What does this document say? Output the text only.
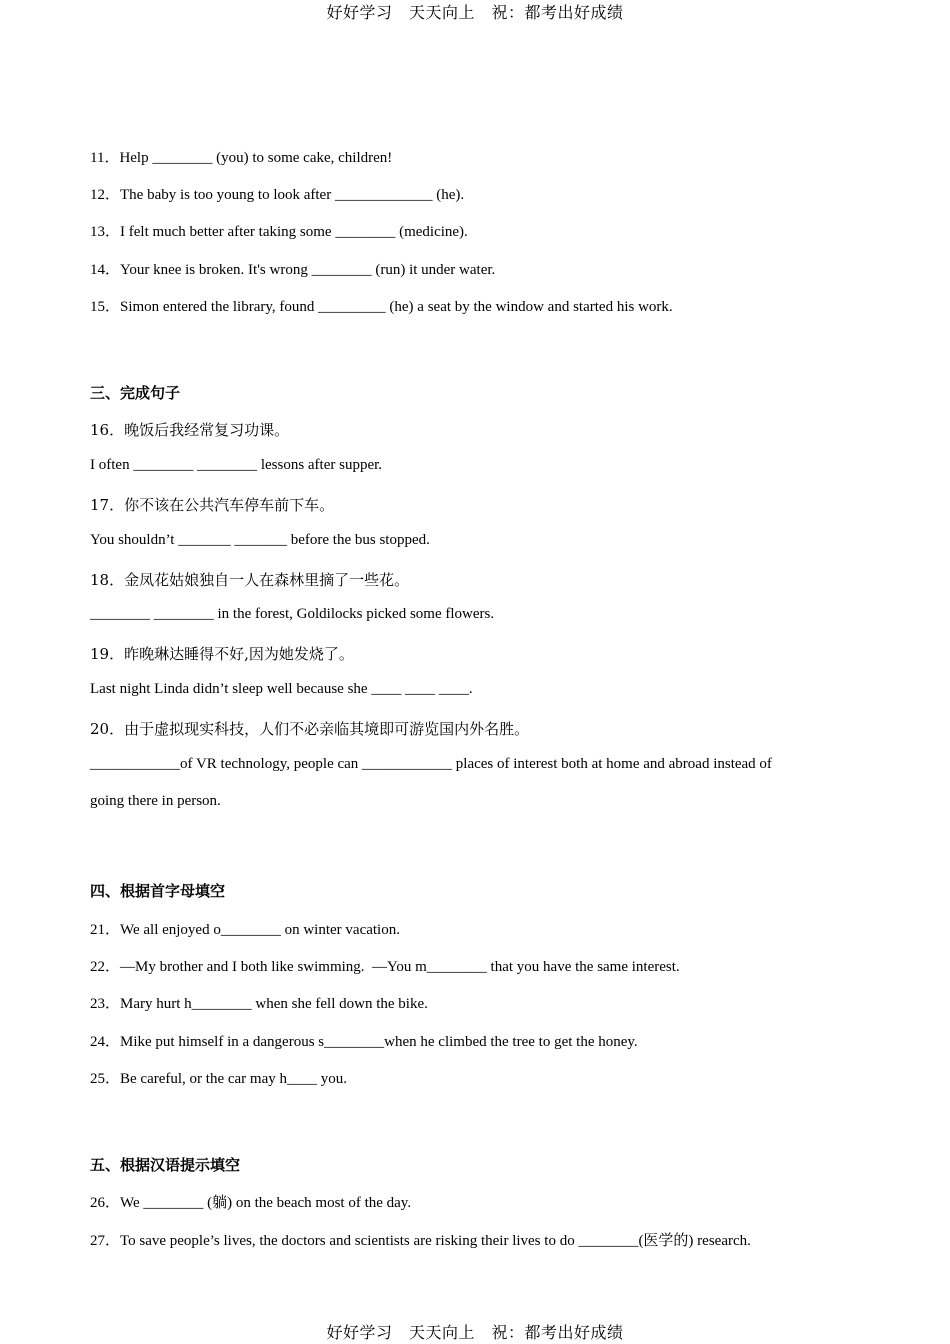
好好学习　天天向上　祝：都考出好成绩
11．Help ________ (you) to some cake, children!
12．The baby is too young to look after _____________ (he).
13．I felt much better after taking some ________ (medicine).
14．Your knee is broken. It's wrong ________ (run) it under water.
15．Simon entered the library, found _________ (he) a seat by the window and started his work.
三、完成句子
16．晚饭后我经常复习功课。
I often ________ ________ lessons after supper.
17．你不该在公共汽车停车前下车。
You shouldn’t _______ _______ before the bus stopped.
18．金凤花姑娘独自一人在森林里摘了一些花。
________ ________ in the forest, Goldilocks picked some flowers.
19．昨晚琳达睡得不好,因为她发烧了。
Last night Linda didn’t sleep well because she ____ ____ ____.
20．由于虚拟现实科技，人们不必亲临其境即可游览国内外名胜。
____________of VR technology, people can ____________ places of interest both at home and abroad instead of
going there in person.
四、根据首字母填空
21．We all enjoyed o________ on winter vacation.
22．—My brother and I both like swimming.  —You m________ that you have the same interest.
23．Mary hurt h________ when she fell down the bike.
24．Mike put himself in a dangerous s________when he climbed the tree to get the honey.
25．Be careful, or the car may h____ you.
五、根据汉语提示填空
26．We ________ (躺) on the beach most of the day.
27．To save people’s lives, the doctors and scientists are risking their lives to do ________(医学的) research.
好好学习　天天向上　祝：都考出好成绩
